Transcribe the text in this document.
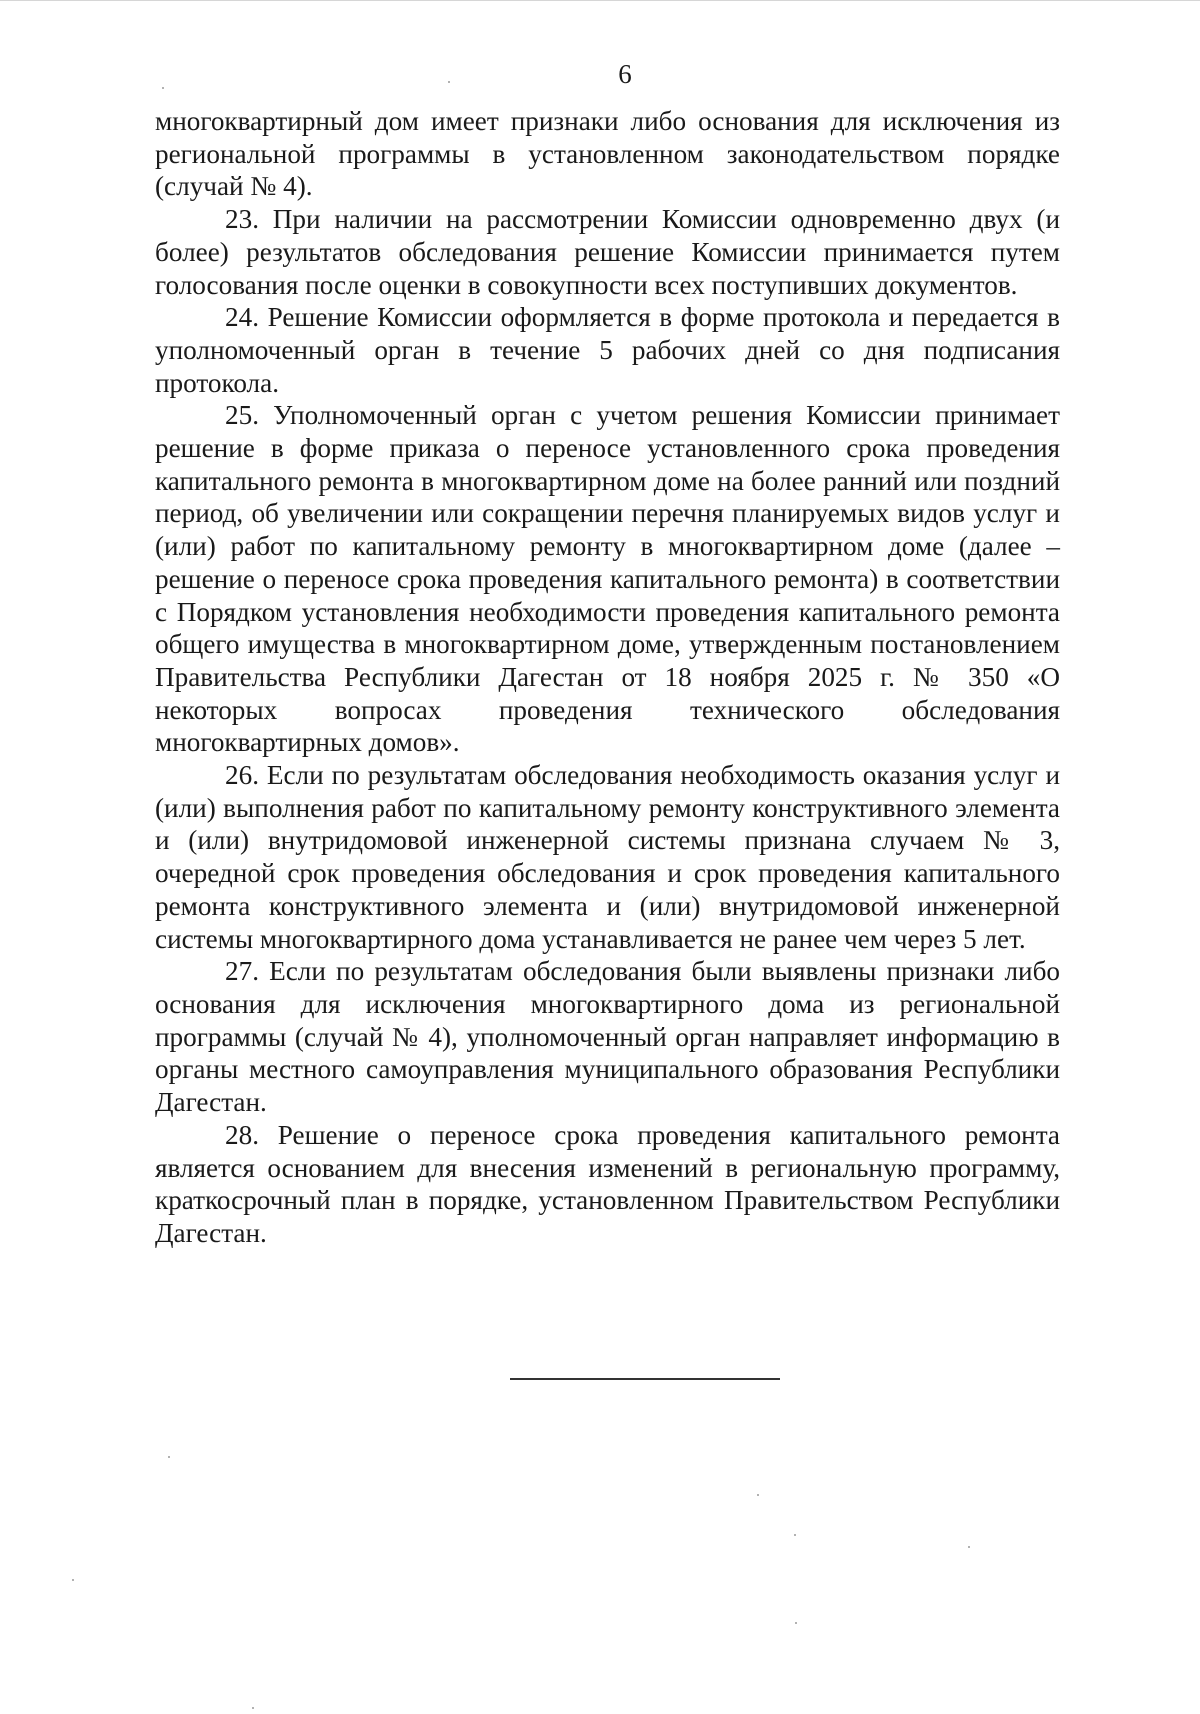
6

многоквартирный дом имеет признаки либо основания для исключения из региональной программы в установленном законодательством порядке (случай № 4).

23. При наличии на рассмотрении Комиссии одновременно двух (и более) результатов обследования решение Комиссии принимается путем голосования после оценки в совокупности всех поступивших документов.

24. Решение Комиссии оформляется в форме протокола и передается в уполномоченный орган в течение 5 рабочих дней со дня подписания протокола.

25. Уполномоченный орган с учетом решения Комиссии принимает решение в форме приказа о переносе установленного срока проведения капитального ремонта в многоквартирном доме на более ранний или поздний период, об увеличении или сокращении перечня планируемых видов услуг и (или) работ по капитальному ремонту в многоквартирном доме (далее – решение о переносе срока проведения капитального ремонта) в соответствии с Порядком установления необходимости проведения капитального ремонта общего имущества в многоквартирном доме, утвержденным постановлением Правительства Республики Дагестан от 18 ноября 2025 г. № 350 «О некоторых вопросах проведения технического обследования многоквартирных домов».

26. Если по результатам обследования необходимость оказания услуг и (или) выполнения работ по капитальному ремонту конструктивного элемента и (или) внутридомовой инженерной системы признана случаем № 3, очередной срок проведения обследования и срок проведения капитального ремонта конструктивного элемента и (или) внутридомовой инженерной системы многоквартирного дома устанавливается не ранее чем через 5 лет.

27. Если по результатам обследования были выявлены признаки либо основания для исключения многоквартирного дома из региональной программы (случай № 4), уполномоченный орган направляет информацию в органы местного самоуправления муниципального образования Республики Дагестан.

28. Решение о переносе срока проведения капитального ремонта является основанием для внесения изменений в региональную программу, краткосрочный план в порядке, установленном Правительством Республики Дагестан.
